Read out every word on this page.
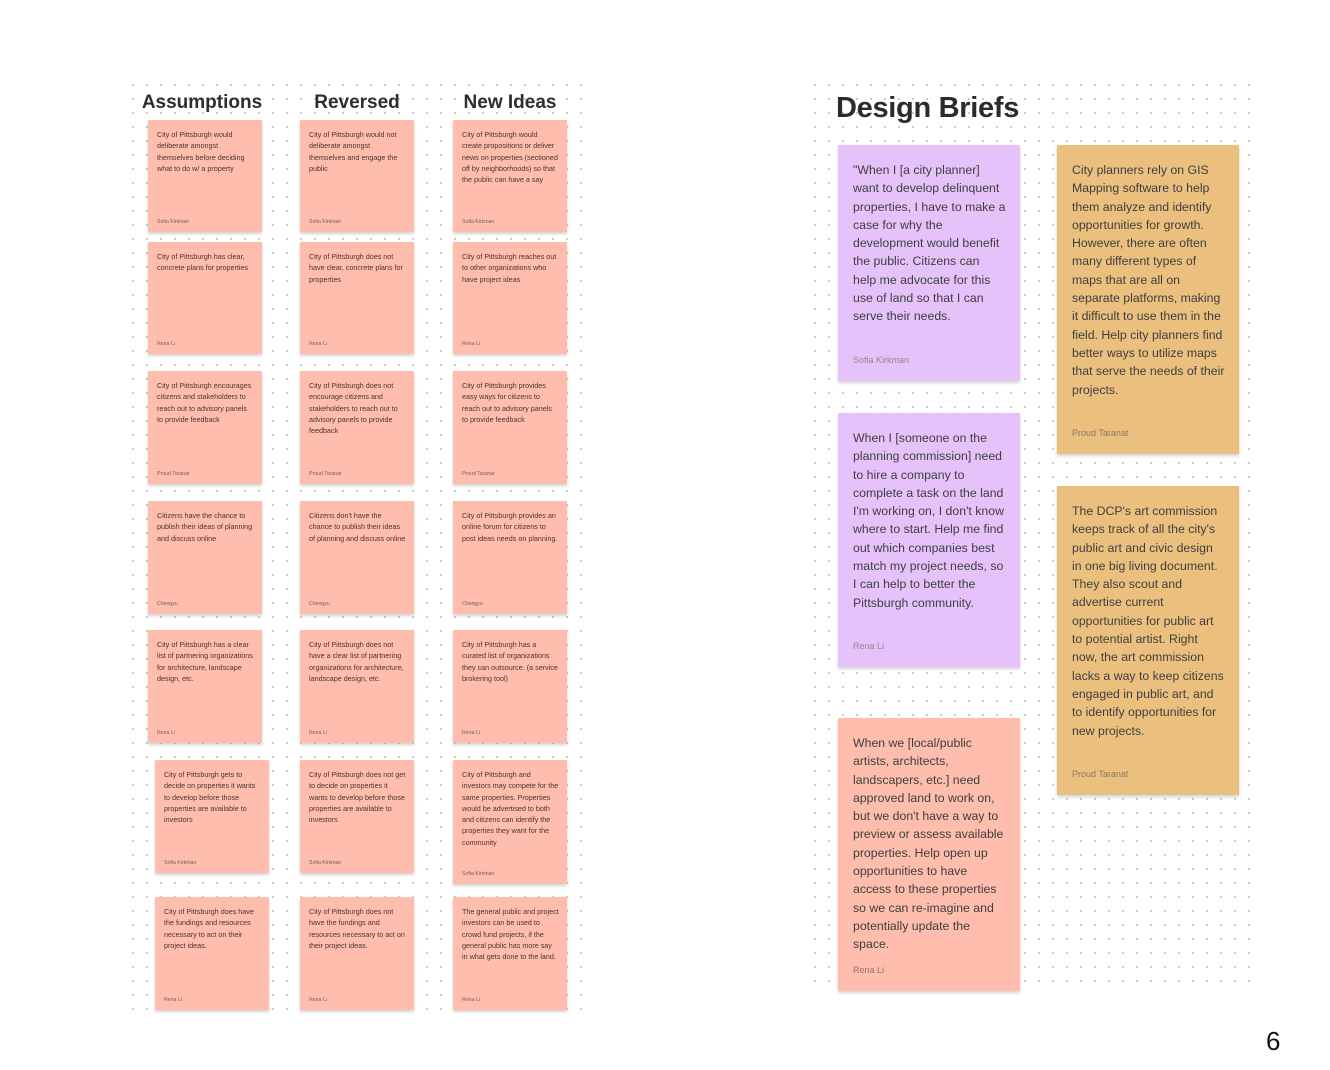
Assumptions	Reversed	New Ideas
City of Pittsburgh would deliberate amongst themselves before deciding what to do w/ a property
Sofia Kirkman
City of Pittsburgh would not deliberate amongst themselves and engage the public
Sofia Kirkman
City of Pittsburgh would create propositions or deliver news on properties (sectioned off by neighborhoods) so that the public can have a say
Sofia Kirkman
City of Pittsburgh has clear, concrete plans for properties
Rena Li
City of Pittsburgh does not have clear, concrete plans for properties
Rena Li
City of Pittsburgh reaches out to other organizations who have project ideas
Rena Li
City of Pittsburgh encourages citizens and stakeholders to reach out to advisory panels to provide feedback
Proud Taranat
City of Pittsburgh does not encourage citizens and stakeholders to reach out to advisory panels to provide feedback
Proud Taranat
City of Pittsburgh provides easy ways for citizens to reach out to advisory panels to provide feedback
Proud Taranat
Citizens have the chance to publish their ideas of planning and discuss online
Chengyu
Citizens don't have the chance to publish their ideas of planning and discuss online
Chengyu
City of Pittsburgh provides an online forum for citizens to post ideas needs on planning.
Chengyu
City of Pittsburgh has a clear list of partnering organizations for architecture, landscape design, etc.
Rena Li
City of Pittsburgh does not have a clear list of partnering organizations for architecture, landscape design, etc.
Rena Li
City of Pittsburgh has a curated list of organizations they can outsource. (a service brokering tool)
Rena Li
City of Pittsburgh gets to decide on properties it wants to develop before those properties are available to investors
Sofia Kirkman
City of Pittsburgh does not get to decide on properties it wants to develop before those properties are available to investors
Sofia Kirkman
City of Pittsburgh and investors may compete for the same properties. Properties would be advertised to both and citizens can identify the properties they want for the community
Sofia Kirkman
City of Pittsburgh does have the fundings and resources necessary to act on their project ideas.
Rena Li
City of Pittsburgh does not have the fundings and resources necessary to act on their project ideas.
Rena Li
The general public and project investors can be used to crowd fund projects, if the general public has more say in what gets done to the land.
Rena Li
Design Briefs
"When I [a city planner] want to develop delinquent properties, I have to make a case for why the development would benefit the public. Citizens can help me advocate for this use of land so that I can serve their needs.
Sofia Kirkman
When I [someone on the planning commission] need to hire a company to complete a task on the land I'm working on, I don't know where to start. Help me find out which companies best match my project needs, so I can help to better the Pittsburgh community.
Rena Li
When we [local/public artists, architects, landscapers, etc.] need approved land to work on, but we don't have a way to preview or assess available properties. Help open up opportunities to have access to these properties so we can re-imagine and potentially update the space.
Rena Li
City planners rely on GIS Mapping software to help them analyze and identify opportunities for growth. However, there are often many different types of maps that are all on separate platforms, making it difficult to use them in the field. Help city planners find better ways to utilize maps that serve the needs of their projects.
Proud Taranat
The DCP's art commission keeps track of all the city's public art and civic design in one big living document. They also scout and advertise current opportunities for public art to potential artist. Right now, the art commission lacks a way to keep citizens engaged in public art, and to identify opportunities for new projects.
Proud Taranat
6
